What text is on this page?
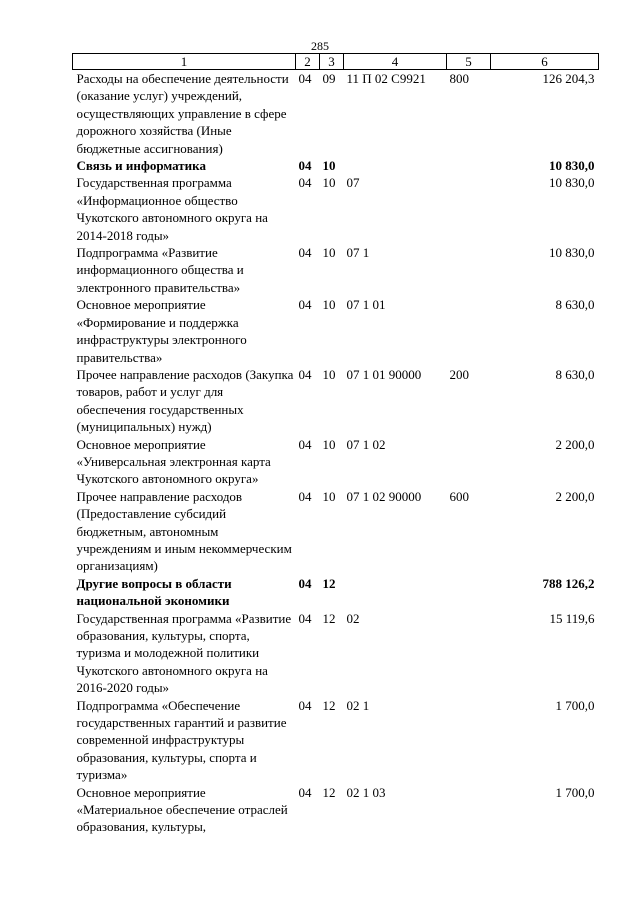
285
1	2	3	4	5	6
Расходы на обеспечение деятельности (оказание услуг) учреждений, осуществляющих управление в сфере дорожного хозяйства (Иные бюджетные ассигнования)	04	09	11 П 02 С9921	800	126 204,3
Связь и информатика	04	10			10 830,0
Государственная программа «Информационное общество Чукотского автономного округа на 2014-2018 годы»	04	10	07		10 830,0
Подпрограмма «Развитие информационного общества и электронного правительства»	04	10	07 1		10 830,0
Основное мероприятие «Формирование и поддержка инфраструктуры электронного правительства»	04	10	07 1 01		8 630,0
Прочее направление расходов (Закупка товаров, работ и услуг для обеспечения государственных (муниципальных) нужд)	04	10	07 1 01 90000	200	8 630,0
Основное мероприятие «Универсальная электронная карта Чукотского автономного округа»	04	10	07 1 02		2 200,0
Прочее направление расходов (Предоставление субсидий бюджетным, автономным учреждениям и иным некоммерческим организациям)	04	10	07 1 02 90000	600	2 200,0
Другие вопросы в области национальной экономики	04	12			788 126,2
Государственная программа «Развитие образования, культуры, спорта, туризма и молодежной политики Чукотского автономного округа на 2016-2020 годы»	04	12	02		15 119,6
Подпрограмма «Обеспечение государственных гарантий и развитие современной инфраструктуры образования, культуры, спорта и туризма»	04	12	02 1		1 700,0
Основное мероприятие «Материальное обеспечение отраслей образования, культуры,	04	12	02 1 03		1 700,0
